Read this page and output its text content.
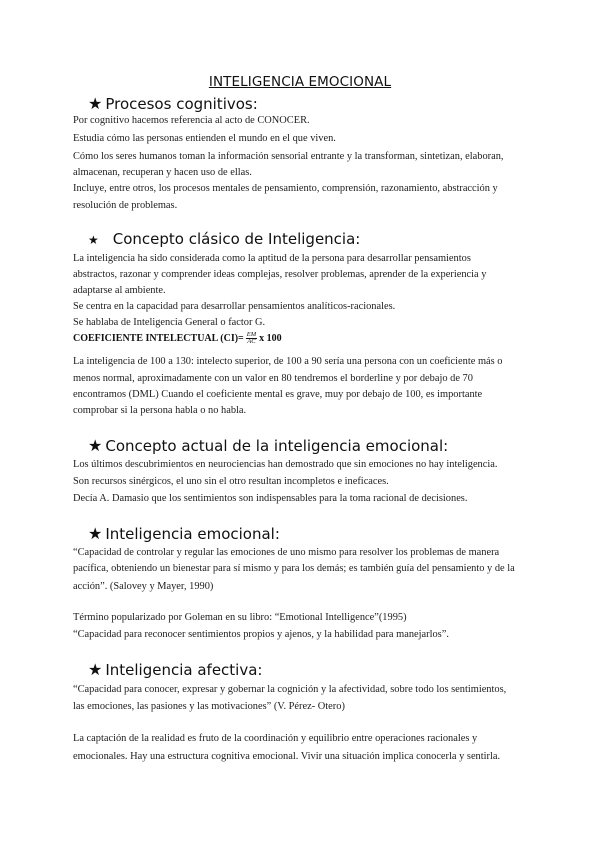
INTELIGENCIA EMOCIONAL
★ Procesos cognitivos:
Por cognitivo hacemos referencia al acto de CONOCER.
Estudia cómo las personas entienden el mundo en el que viven.
Cómo los seres humanos toman la información sensorial entrante y la transforman, sintetizan, elaboran,
almacenan, recuperan y hacen uso de ellas.
Incluye, entre otros, los procesos mentales de pensamiento, comprensión, razonamiento, abstracción y
resolución de problemas.
★ Concepto clásico de Inteligencia:
La inteligencia ha sido considerada como la aptitud de la persona para desarrollar pensamientos
abstractos, razonar y comprender ideas complejas, resolver problemas, aprender de la experiencia y
adaptarse al ambiente.
Se centra en la capacidad para desarrollar pensamientos analíticos-racionales.
Se hablaba de Inteligencia General o factor G.
COEFICIENTE INTELECTUAL $(CI)= \frac{EM}{AC}$ x 100
La inteligencia de 100 a 130: intelecto superior, de 100 a 90 sería una persona con un coeficiente más o
menos normal, aproximadamente con un valor en 80 tendremos el borderline y por debajo de 70
encontramos (DML) Cuando el coeficiente mental es grave, muy por debajo de 100, es importante
comprobar si la persona habla o no habla.
★ Concepto actual de la inteligencia emocional:
Los últimos descubrimientos en neurociencias han demostrado que sin emociones no hay inteligencia.
Son recursos sinérgicos, el uno sin el otro resultan incompletos e ineficaces.
Decía A. Damasio que los sentimientos son indispensables para la toma racional de decisiones.
★ Inteligencia emocional:
“Capacidad de controlar y regular las emociones de uno mismo para resolver los problemas de manera
pacífica, obteniendo un bienestar para sí mismo y para los demás; es también guía del pensamiento y de la
acción”. (Salovey y Mayer, 1990)
Término popularizado por Goleman en su libro: “Emotional Intelligence”(1995)
“Capacidad para reconocer sentimientos propios y ajenos, y la habilidad para manejarlos”.
★ Inteligencia afectiva:
“Capacidad para conocer, expresar y gobernar la cognición y la afectividad, sobre todo los sentimientos,
las emociones, las pasiones y las motivaciones” (V. Pérez- Otero)
La captación de la realidad es fruto de la coordinación y equilibrio entre operaciones racionales y
emocionales. Hay una estructura cognitiva emocional. Vivir una situación implica conocerla y sentirla.
